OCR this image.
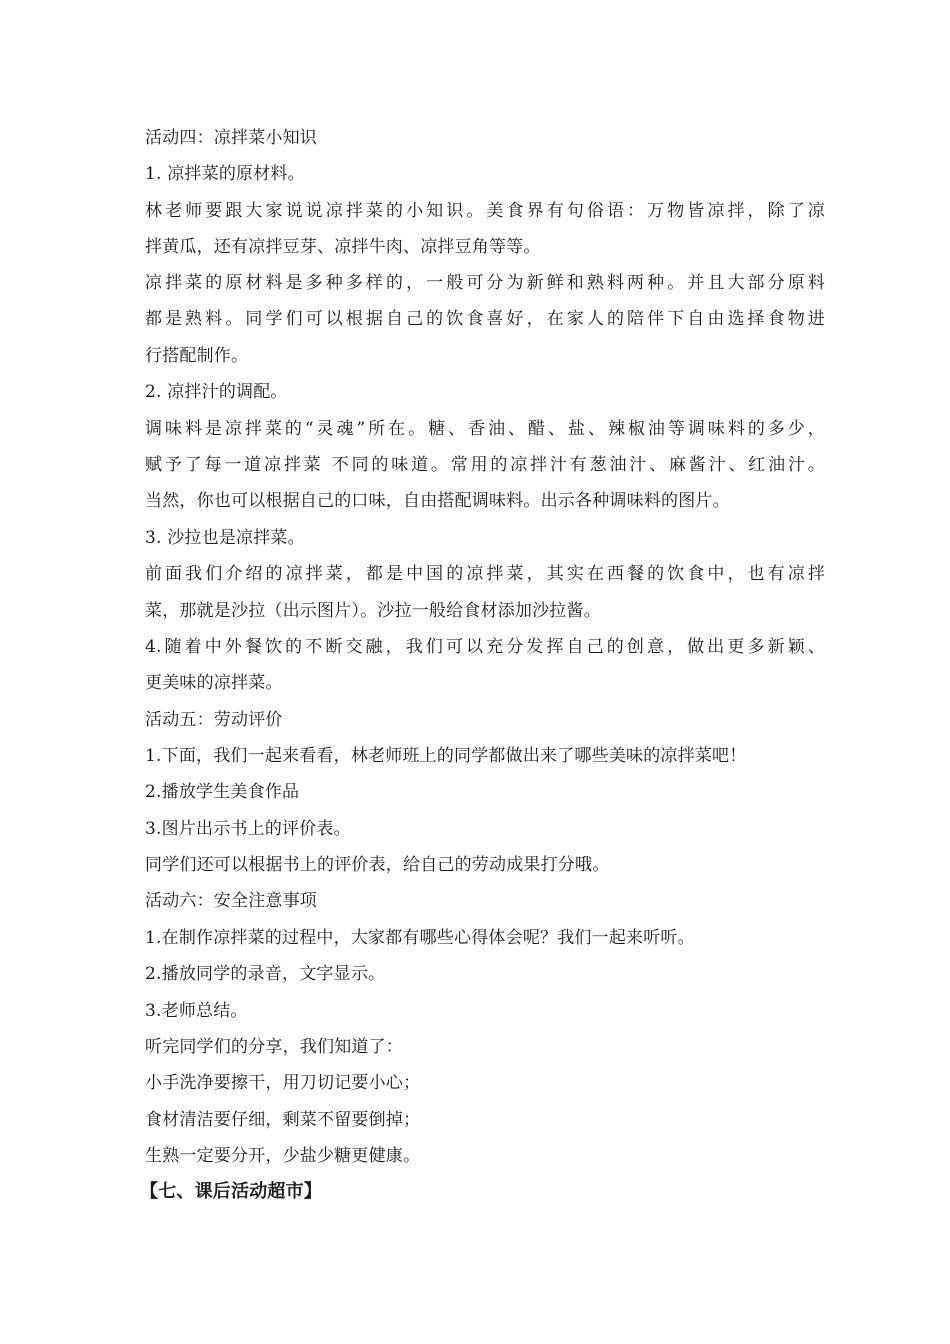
活动四：凉拌菜小知识
1. 凉拌菜的原材料。
林老师要跟大家说说凉拌菜的小知识。美食界有句俗语：万物皆凉拌，除了凉
拌黄瓜，还有凉拌豆芽、凉拌牛肉、凉拌豆角等等。
凉拌菜的原材料是多种多样的，一般可分为新鲜和熟料两种。并且大部分原料
都是熟料。同学们可以根据自己的饮食喜好，在家人的陪伴下自由选择食物进
行搭配制作。
2. 凉拌汁的调配。
调味料是凉拌菜的“灵魂”所在。糖、香油、醋、盐、辣椒油等调味料的多少，
赋予了每一道凉拌菜 不同的味道。常用的凉拌汁有葱油汁、麻酱汁、红油汁。
当然，你也可以根据自己的口味，自由搭配调味料。出示各种调味料的图片。
3. 沙拉也是凉拌菜。
前面我们介绍的凉拌菜，都是中国的凉拌菜，其实在西餐的饮食中，也有凉拌
菜，那就是沙拉（出示图片）。沙拉一般给食材添加沙拉酱。
4.随着中外餐饮的不断交融，我们可以充分发挥自己的创意，做出更多新颖、
更美味的凉拌菜。
活动五：劳动评价
1.下面，我们一起来看看，林老师班上的同学都做出来了哪些美味的凉拌菜吧！
2.播放学生美食作品
3.图片出示书上的评价表。
同学们还可以根据书上的评价表，给自己的劳动成果打分哦。
活动六：安全注意事项
1.在制作凉拌菜的过程中，大家都有哪些心得体会呢？我们一起来听听。
2.播放同学的录音，文字显示。
3.老师总结。
听完同学们的分享，我们知道了：
小手洗净要擦干，用刀切记要小心；
食材清洁要仔细，剩菜不留要倒掉；
生熟一定要分开，少盐少糖更健康。
【七、课后活动超市】
